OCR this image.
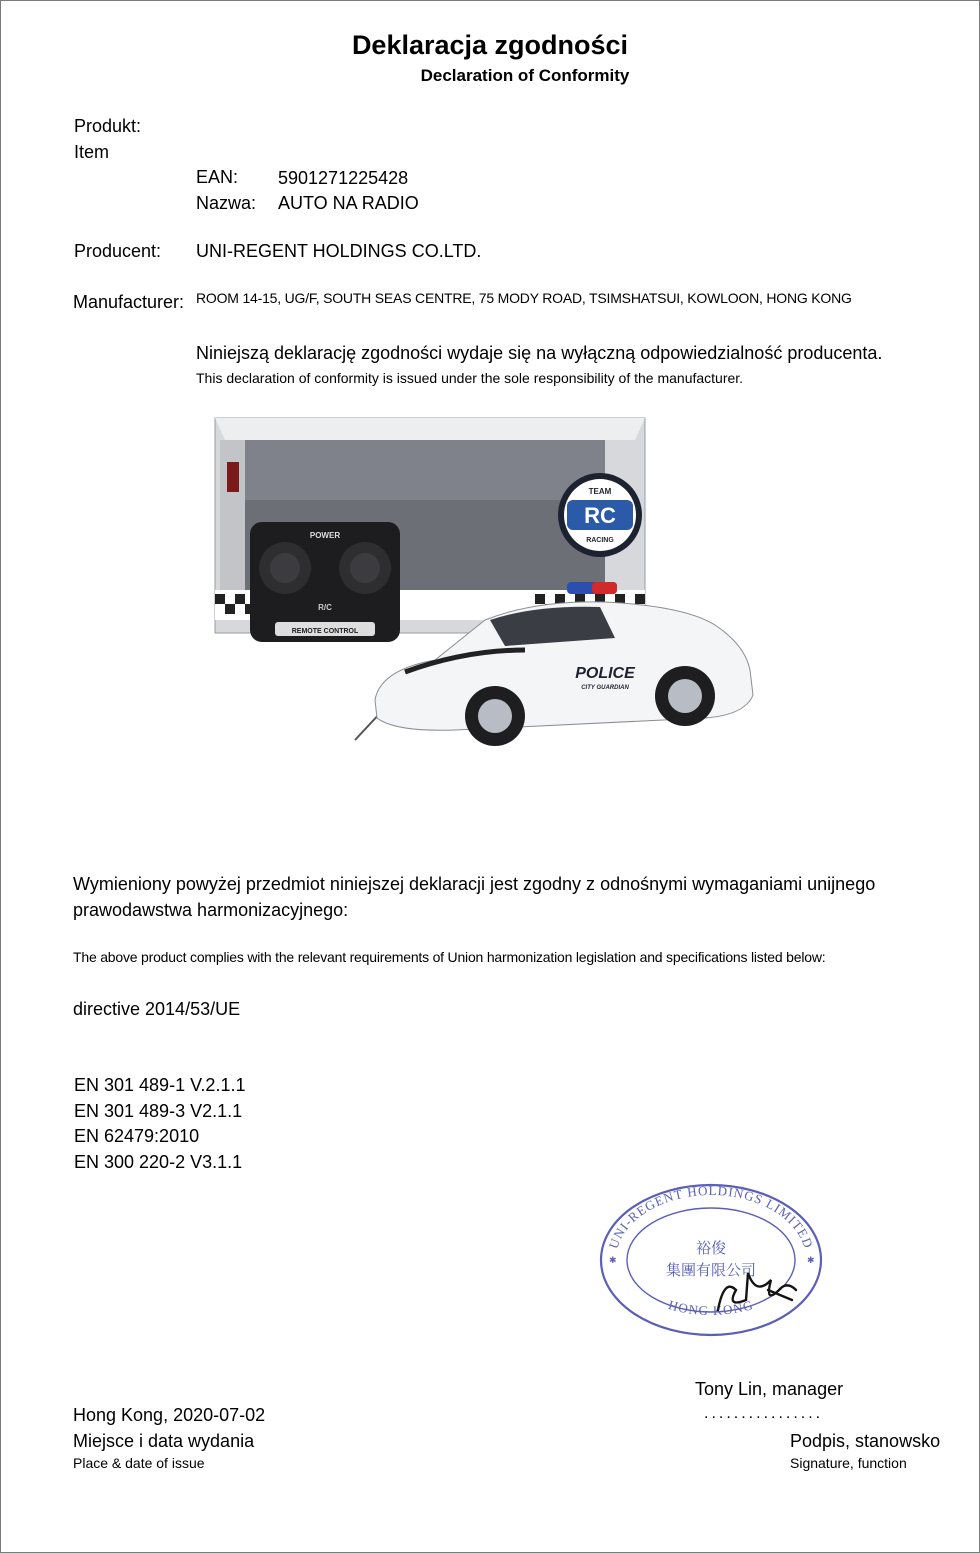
Deklaracja zgodności
Declaration of Conformity
Produkt:
Item
EAN: 5901271225428
Nazwa: AUTO NA RADIO
Producent: UNI-REGENT HOLDINGS CO.LTD.
Manufacturer: ROOM 14-15, UG/F, SOUTH SEAS CENTRE, 75 MODY ROAD, TSIMSHATSUI, KOWLOON, HONG KONG
Niniejszą deklarację zgodności wydaje się na wyłączną odpowiedzialność producenta.
This declaration of conformity is issued under the sole responsibility of the manufacturer.
RC
TEAM
RACING
POWER
R/C
REMOTE CONTROL
POLICE
CITY GUARDIAN
Wymieniony powyżej przedmiot niniejszej deklaracji jest zgodny z odnośnymi wymaganiami unijnego
prawodawstwa harmonizacyjnego:
The above product complies with the relevant requirements of Union harmonization legislation and specifications listed below:
directive 2014/53/UE
EN 301 489-1 V.2.1.1
EN 301 489-3 V2.1.1
EN 62479:2010
EN 300 220-2 V3.1.1
UNI-REGENT HOLDINGS LIMITED
HONG KONG
裕俊
集團有限公司
✱	✱
Tony Lin, manager
................
Podpis, stanowsko
Signature, function
Hong Kong, 2020-07-02
Miejsce i data wydania
Place & date of issue
